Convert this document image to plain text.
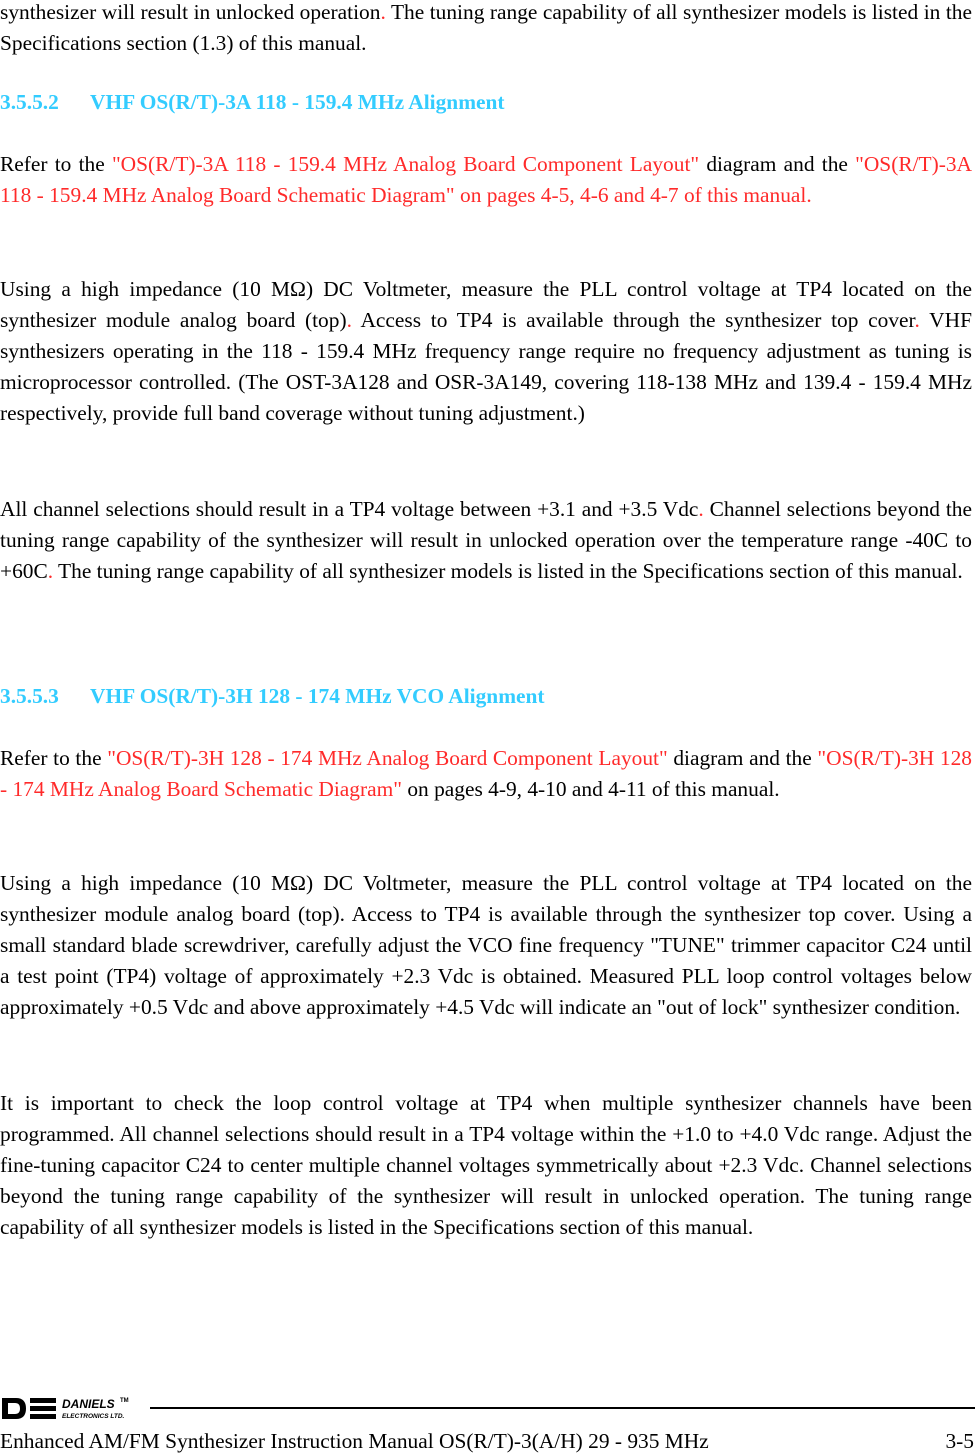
synthesizer will result in unlocked operation. The tuning range capability of all synthesizer models is listed in the Specifications section (1.3) of this manual.

3.5.5.2 VHF OS(R/T)-3A 118 - 159.4 MHz Alignment

Refer to the "OS(R/T)-3A 118 - 159.4 MHz Analog Board Component Layout" diagram and the "OS(R/T)-3A 118 - 159.4 MHz Analog Board Schematic Diagram" on pages 4-5, 4-6 and 4-7 of this manual.

Using a high impedance (10 MΩ) DC Voltmeter, measure the PLL control voltage at TP4 located on the synthesizer module analog board (top). Access to TP4 is available through the synthesizer top cover. VHF synthesizers operating in the 118 - 159.4 MHz frequency range require no frequency adjustment as tuning is microprocessor controlled. (The OST-3A128 and OSR-3A149, covering 118-138 MHz and 139.4 - 159.4 MHz respectively, provide full band coverage without tuning adjustment.)

All channel selections should result in a TP4 voltage between +3.1 and +3.5 Vdc. Channel selections beyond the tuning range capability of the synthesizer will result in unlocked operation over the temperature range -40C to +60C. The tuning range capability of all synthesizer models is listed in the Specifications section of this manual.

3.5.5.3 VHF OS(R/T)-3H 128 - 174 MHz VCO Alignment

Refer to the "OS(R/T)-3H 128 - 174 MHz Analog Board Component Layout" diagram and the "OS(R/T)-3H 128 - 174 MHz Analog Board Schematic Diagram" on pages 4-9, 4-10 and 4-11 of this manual.

Using a high impedance (10 MΩ) DC Voltmeter, measure the PLL control voltage at TP4 located on the synthesizer module analog board (top). Access to TP4 is available through the synthesizer top cover. Using a small standard blade screwdriver, carefully adjust the VCO fine frequency "TUNE" trimmer capacitor C24 until a test point (TP4) voltage of approximately +2.3 Vdc is obtained. Measured PLL loop control voltages below approximately +0.5 Vdc and above approximately +4.5 Vdc will indicate an "out of lock" synthesizer condition.

It is important to check the loop control voltage at TP4 when multiple synthesizer channels have been programmed. All channel selections should result in a TP4 voltage within the +1.0 to +4.0 Vdc range. Adjust the fine-tuning capacitor C24 to center multiple channel voltages symmetrically about +2.3 Vdc. Channel selections beyond the tuning range capability of the synthesizer will result in unlocked operation. The tuning range capability of all synthesizer models is listed in the Specifications section of this manual.

DANIELS TM
ELECTRONICS LTD.
Enhanced AM/FM Synthesizer Instruction Manual OS(R/T)-3(A/H) 29 - 935 MHz	3-5
